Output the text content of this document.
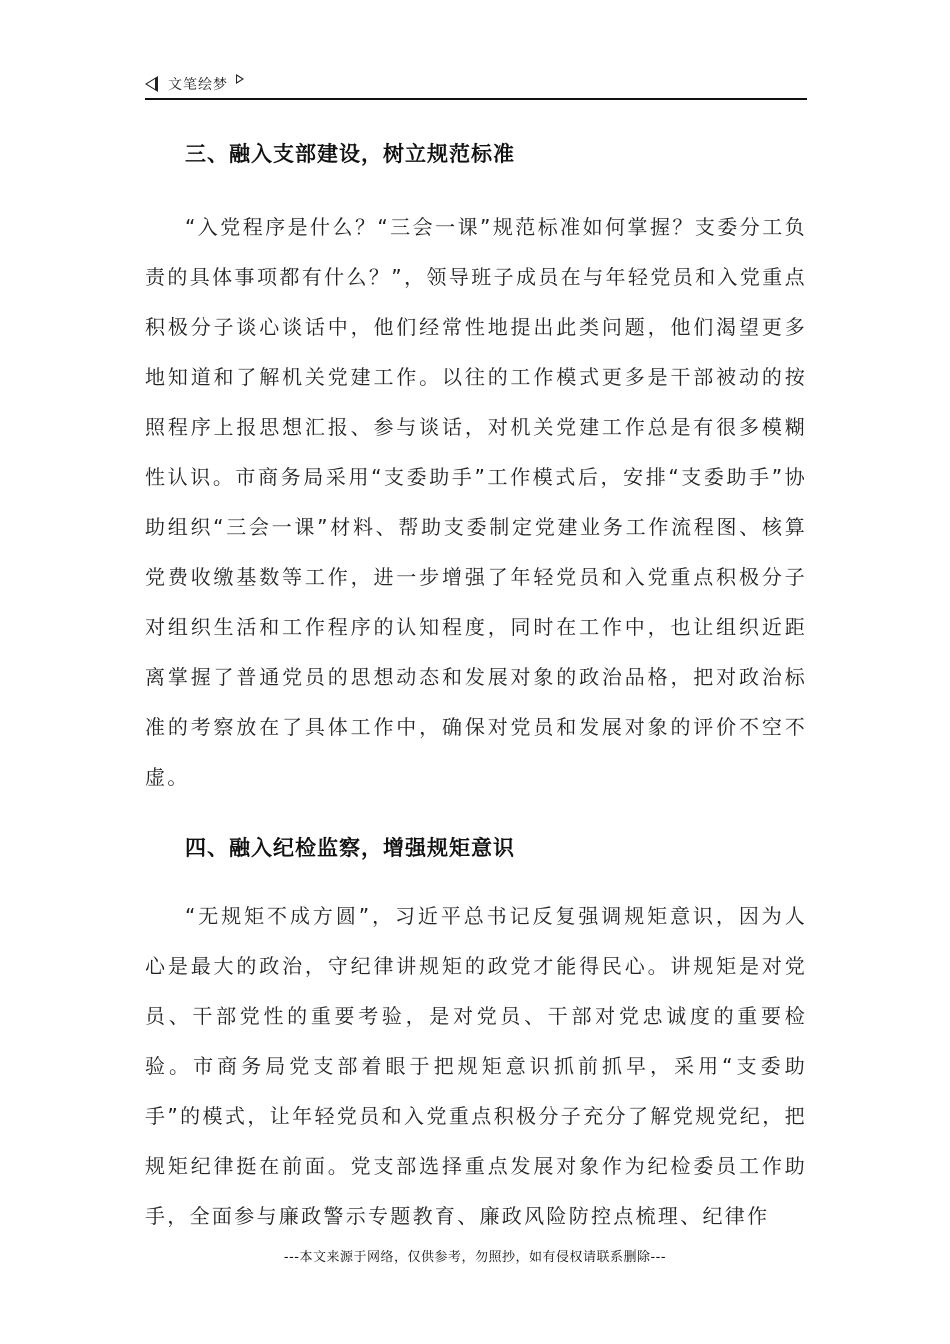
文笔绘梦
三、融入支部建设，树立规范标准

“入党程序是什么？“三会一课”规范标准如何掌握？支委分工负责的具体事项都有什么？”，领导班子成员在与年轻党员和入党重点积极分子谈心谈话中，他们经常性地提出此类问题，他们渴望更多地知道和了解机关党建工作。以往的工作模式更多是干部被动的按照程序上报思想汇报、参与谈话，对机关党建工作总是有很多模糊性认识。市商务局采用“支委助手”工作模式后，安排“支委助手”协助组织“三会一课”材料、帮助支委制定党建业务工作流程图、核算党费收缴基数等工作，进一步增强了年轻党员和入党重点积极分子对组织生活和工作程序的认知程度，同时在工作中，也让组织近距离掌握了普通党员的思想动态和发展对象的政治品格，把对政治标准的考察放在了具体工作中，确保对党员和发展对象的评价不空不虚。

四、融入纪检监察，增强规矩意识

“无规矩不成方圆”，习近平总书记反复强调规矩意识，因为人心是最大的政治，守纪律讲规矩的政党才能得民心。讲规矩是对党员、干部党性的重要考验，是对党员、干部对党忠诚度的重要检验。市商务局党支部着眼于把规矩意识抓前抓早，采用“支委助手”的模式，让年轻党员和入党重点积极分子充分了解党规党纪，把规矩纪律挺在前面。党支部选择重点发展对象作为纪检委员工作助手，全面参与廉政警示专题教育、廉政风险防控点梳理、纪律作

---本文来源于网络，仅供参考，勿照抄，如有侵权请联系删除---
